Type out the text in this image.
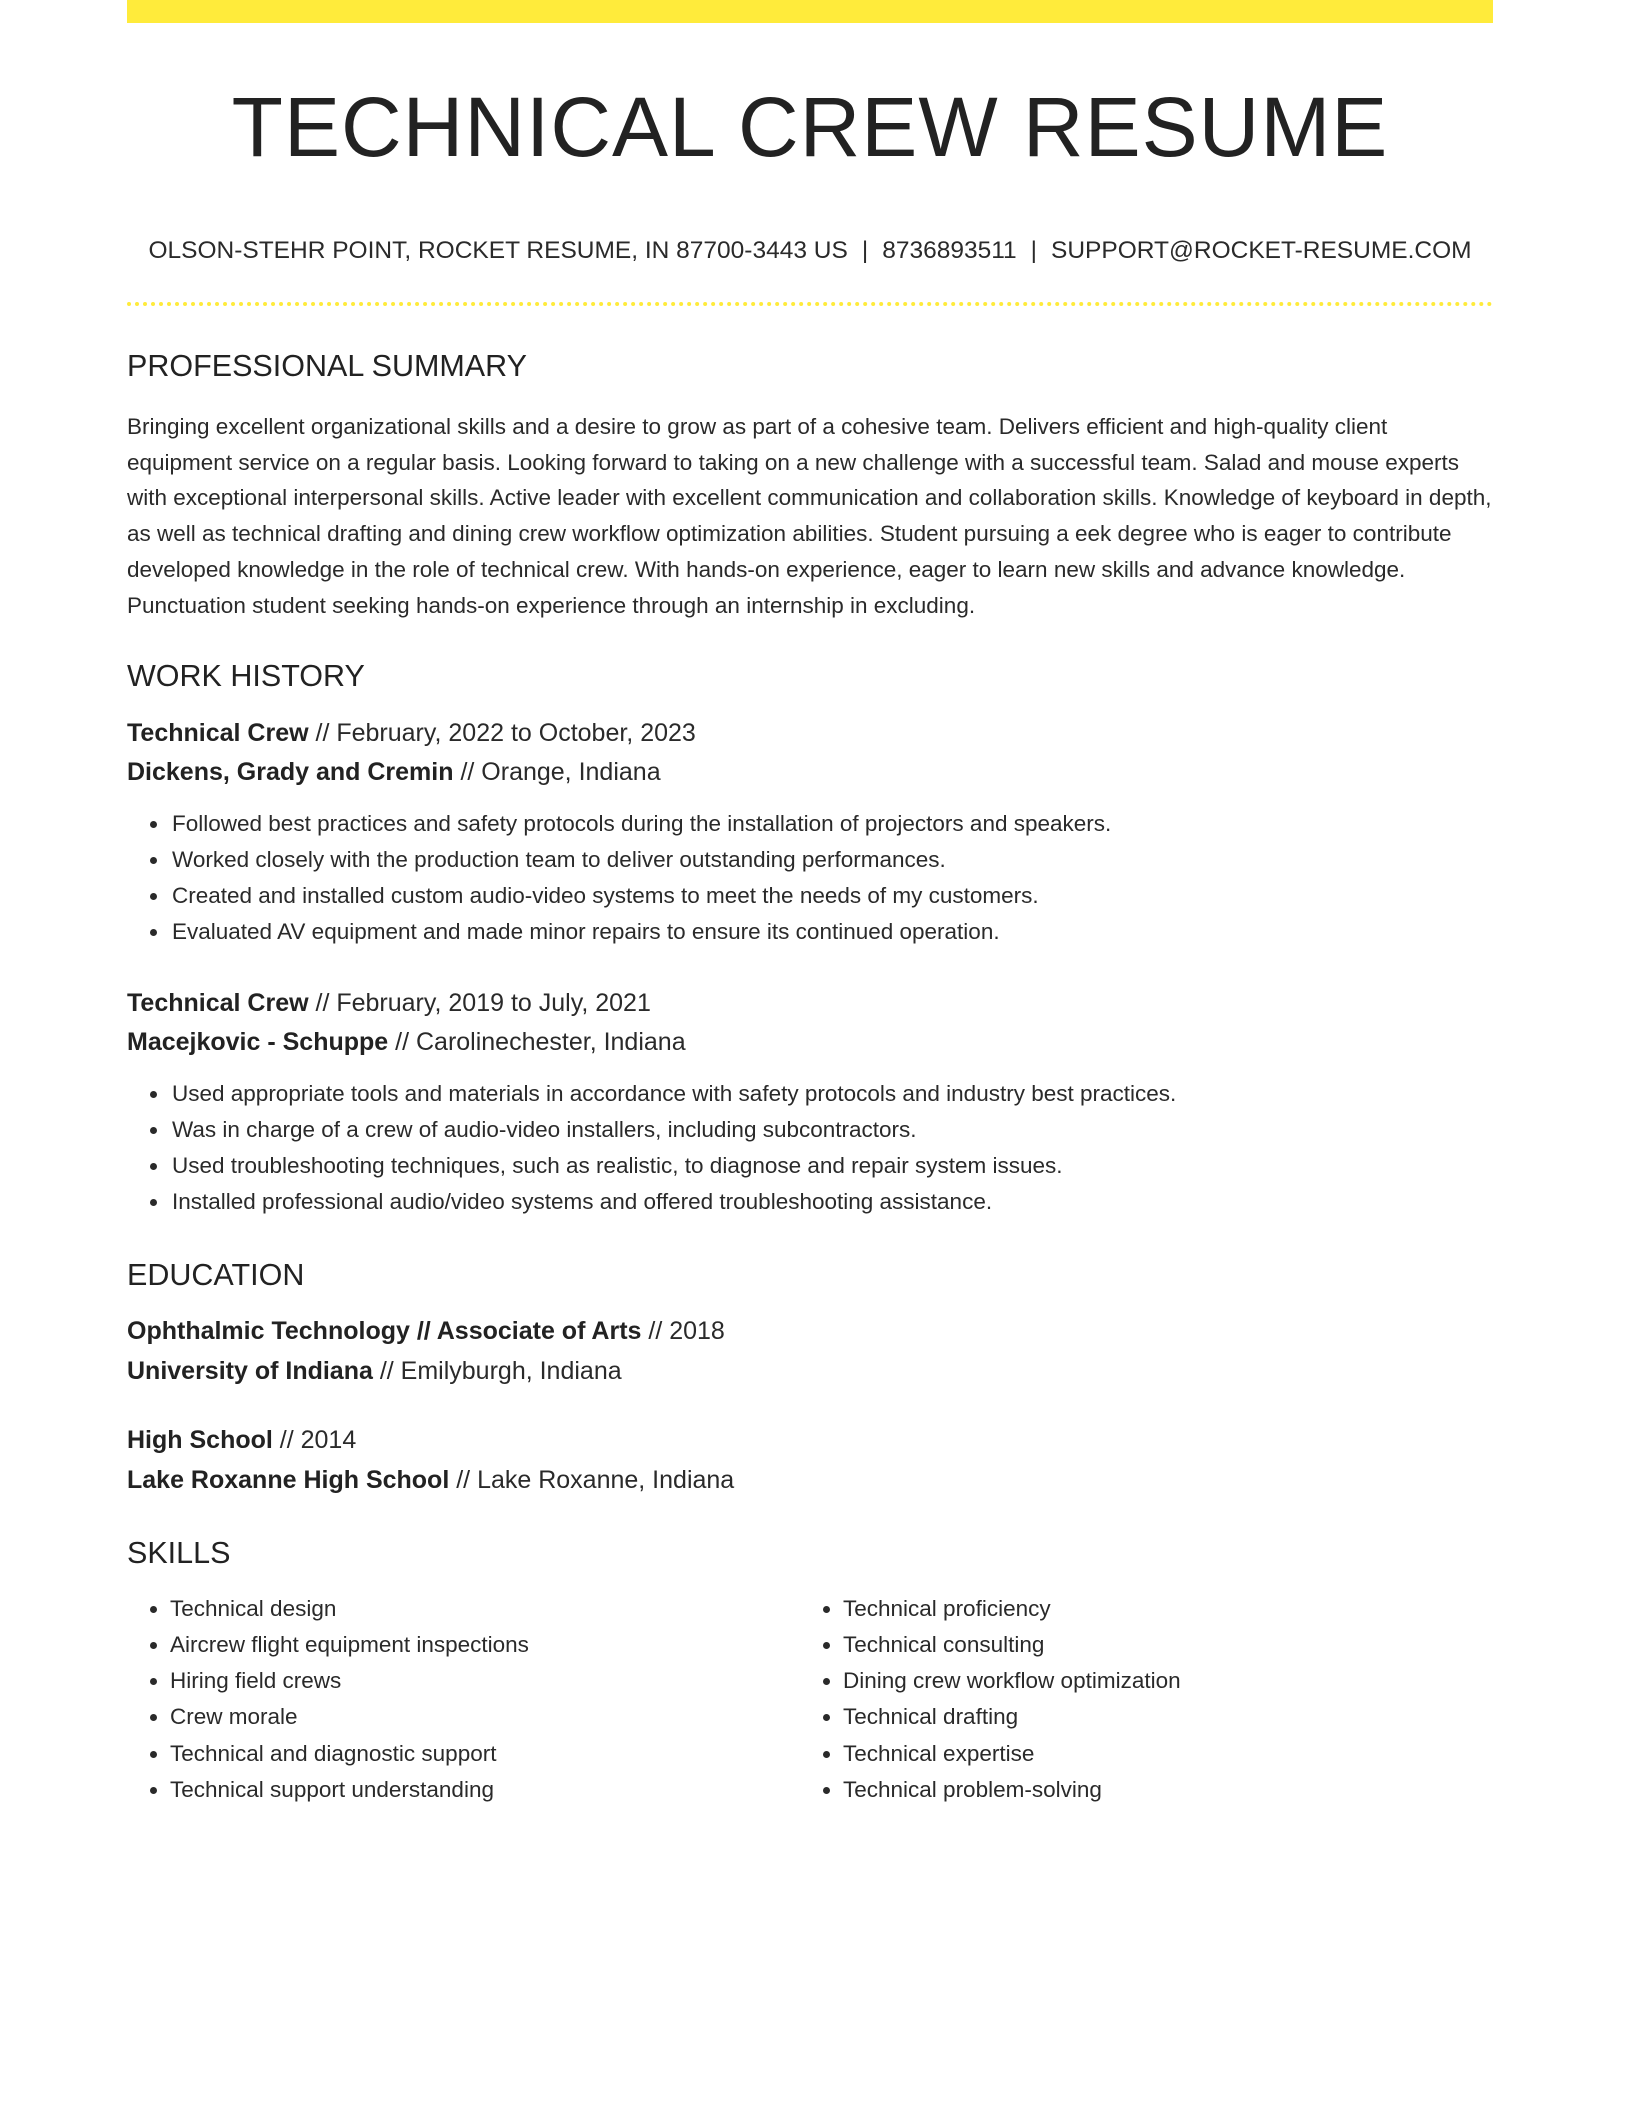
TECHNICAL CREW RESUME
OLSON-STEHR POINT, ROCKET RESUME, IN 87700-3443 US | 8736893511 | SUPPORT@ROCKET-RESUME.COM
PROFESSIONAL SUMMARY
Bringing excellent organizational skills and a desire to grow as part of a cohesive team. Delivers efficient and high-quality client equipment service on a regular basis. Looking forward to taking on a new challenge with a successful team. Salad and mouse experts with exceptional interpersonal skills. Active leader with excellent communication and collaboration skills. Knowledge of keyboard in depth, as well as technical drafting and dining crew workflow optimization abilities. Student pursuing a eek degree who is eager to contribute developed knowledge in the role of technical crew. With hands-on experience, eager to learn new skills and advance knowledge. Punctuation student seeking hands-on experience through an internship in excluding.
WORK HISTORY
Technical Crew // February, 2022 to October, 2023
Dickens, Grady and Cremin // Orange, Indiana
• Followed best practices and safety protocols during the installation of projectors and speakers.
• Worked closely with the production team to deliver outstanding performances.
• Created and installed custom audio-video systems to meet the needs of my customers.
• Evaluated AV equipment and made minor repairs to ensure its continued operation.
Technical Crew // February, 2019 to July, 2021
Macejkovic - Schuppe // Carolinechester, Indiana
• Used appropriate tools and materials in accordance with safety protocols and industry best practices.
• Was in charge of a crew of audio-video installers, including subcontractors.
• Used troubleshooting techniques, such as realistic, to diagnose and repair system issues.
• Installed professional audio/video systems and offered troubleshooting assistance.
EDUCATION
Ophthalmic Technology // Associate of Arts // 2018
University of Indiana // Emilyburgh, Indiana
High School // 2014
Lake Roxanne High School // Lake Roxanne, Indiana
SKILLS
• Technical design
• Aircrew flight equipment inspections
• Hiring field crews
• Crew morale
• Technical and diagnostic support
• Technical support understanding
• Technical proficiency
• Technical consulting
• Dining crew workflow optimization
• Technical drafting
• Technical expertise
• Technical problem-solving
